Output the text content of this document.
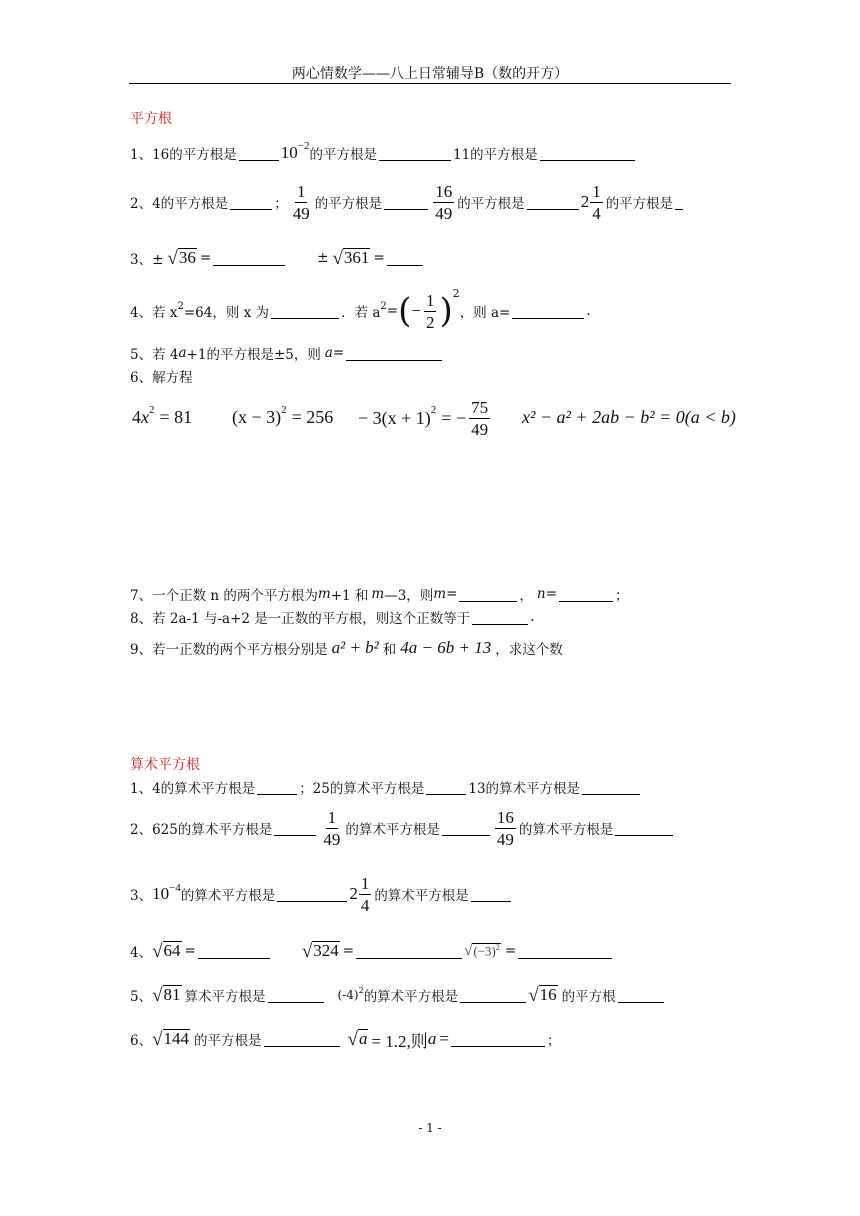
两心情数学——八上日常辅导B（数的开方）
平方根
1、16的平方根是	$10^{-2}$
的平方根是	11的平方根是
2、4的平方根是	； $\frac{1}{49}$ 的平方根是	$\frac{16}{49}$ 的平方根是	$2 \frac{1}{4}$ 的平方根是
3、± √ 36 =	± √ 361 =
4、若 $x^2 =64$，则 x 为	．若 $a^2$ = ( − $\frac{1}{2} )^2$
，则 a=	.
5、若 4 a +1的平方根是±5，则 a =
6、解方程
4 $x^2 = 81$ $(x - 3)^2 = 256 - 3(x + 1)^2$ = − $\frac{75}{49} x^2 - a^2 + 2ab - b^2 = 0(a < b)$
7、一个正数 n 的两个平方根为 m +1 和 m —3，则 m =	， n =	；
8、若 2a-1 与-a+2 是一正数的平方根，则这个正数等于	.
9、若一正数的两个平方根分别是 a² + b² 和 4a − 6b + 13 ，求这个数
算术平方根
1、4的算术平方根是	；25的算术平方根是	13的算术平方根是
2、625的算术平方根是	$\frac{1}{49}$ 的算术平方根是	$\frac{16}{49}$ 的算术平方根是
3、 $10^{-4}$ 的算术平方根是	$2 \frac{1}{4}$ 的算术平方根是
4、 √ 64 =	√ 324 =	√ $(-3)^2$ =
5、 √ 81 算术平方根是	$(-4)^2$ 的算术平方根是	√ 16 的平方根
6、 √ 144 的平方根是	√ a = 1.2,则 a =	；
- 1 -
